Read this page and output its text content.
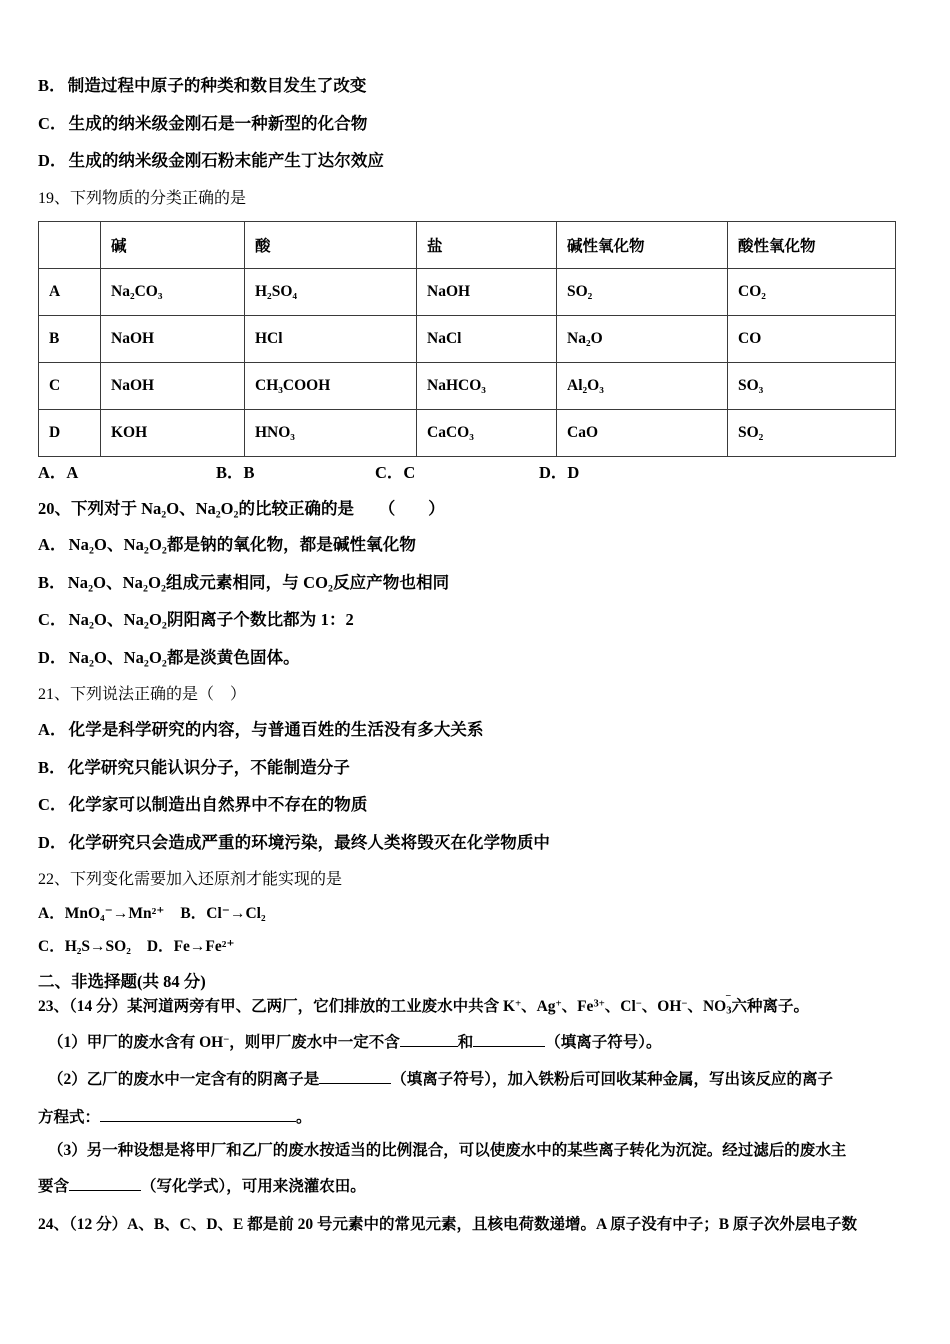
B． 制造过程中原子的种类和数目发生了改变
C． 生成的纳米级金刚石是一种新型的化合物
D． 生成的纳米级金刚石粉末能产生丁达尔效应
19、下列物质的分类正确的是
	碱	酸	盐	碱性氧化物	酸性氧化物
A	Na₂CO₃	H₂SO₄	NaOH	SO₂	CO₂
B	NaOH	HCl	NaCl	Na₂O	CO
C	NaOH	CH₃COOH	NaHCO₃	Al₂O₃	SO₃
D	KOH	HNO₃	CaCO₃	CaO	SO₂
A．A	B．B	C．C	D．D
20、下列对于 Na₂O、Na₂O₂的比较正确的是　　（　　）
A． Na₂O、Na₂O₂都是钠的氧化物，都是碱性氧化物
B． Na₂O、Na₂O₂组成元素相同，与 CO₂反应产物也相同
C． Na₂O、Na₂O₂阴阳离子个数比都为 1：2
D． Na₂O、Na₂O₂都是淡黄色固体。
21、下列说法正确的是（　）
A． 化学是科学研究的内容，与普通百姓的生活没有多大关系
B． 化学研究只能认识分子，不能制造分子
C． 化学家可以制造出自然界中不存在的物质
D． 化学研究只会造成严重的环境污染，最终人类将毁灭在化学物质中
22、下列变化需要加入还原剂才能实现的是
A．MnO₄⁻→Mn²⁺ B．Cl⁻→Cl₂
C．H₂S→SO₂ D．Fe→Fe²⁺
二、非选择题(共 84 分)
23、（14 分）某河道两旁有甲、乙两厂，它们排放的工业废水中共含 K+、Ag+、$Fe^{3+}$、Cl−、OH−、$NO_3$
−
六种离子。
（1）甲厂的废水含有 OH−，则甲厂废水中一定不含	和	（填离子符号）。
（2）乙厂的废水中一定含有的阴离子是	（填离子符号），加入铁粉后可回收某种金属，写出该反应的离子
方程式：	。
（3）另一种设想是将甲厂和乙厂的废水按适当的比例混合，可以使废水中的某些离子转化为沉淀。经过滤后的废水主
要含	（写化学式），可用来浇灌农田。
24、（12 分）A、B、C、D、E 都是前 20 号元素中的常见元素，且核电荷数递增。A 原子没有中子；B 原子次外层电子数
